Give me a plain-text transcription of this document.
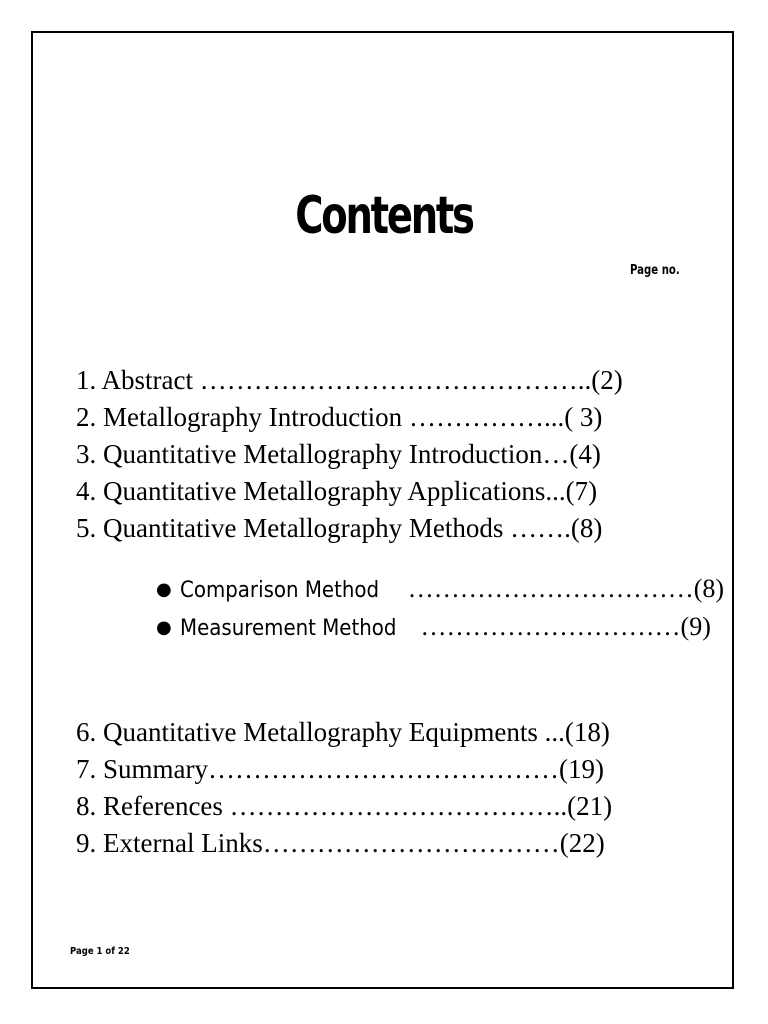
Contents
Page no.
1. Abstract ……………………………………..(2)
2. Metallography Introduction ……………...( 3)
3. Quantitative Metallography Introduction…(4)
4. Quantitative Metallography Applications...(7)
5. Quantitative Metallography Methods …….(8)
● Comparison Method ……………………………(8)
● Measurement Method …………………………(9)
6. Quantitative Metallography Equipments ...(18)
7. Summary…………………………………(19)
8. References ………………………………..(21)
9. External Links……………………………(22)
Page 1 of 22
